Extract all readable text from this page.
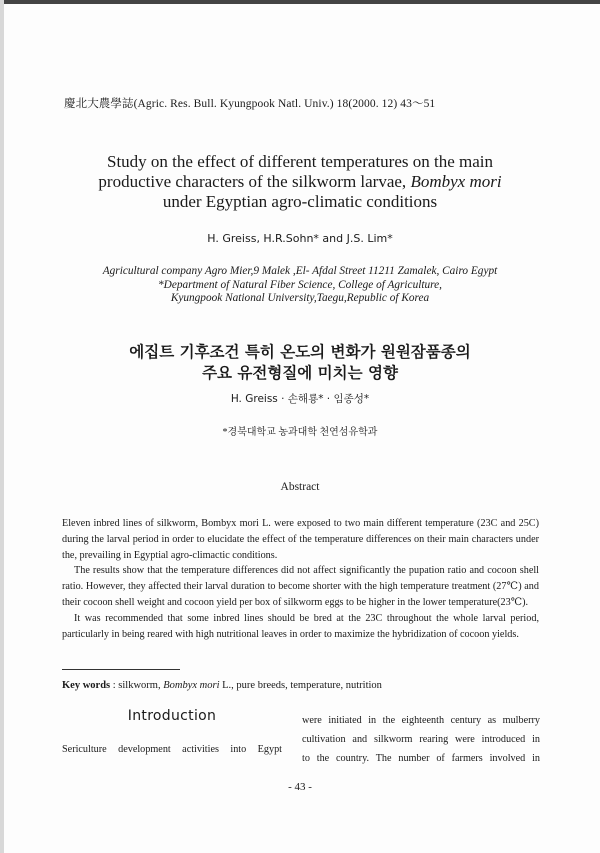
慶北大農學誌(Agric. Res. Bull. Kyungpook Natl. Univ.) 18(2000. 12) 43～51
Study on the effect of different temperatures on the main
productive characters of the silkworm larvae, Bombyx mori
under Egyptian agro-climatic conditions
H. Greiss, H.R.Sohn* and J.S. Lim*
Agricultural company Agro Mier,9 Malek ,El- Afdal Street 11211 Zamalek, Cairo Egypt
*Department of Natural Fiber Science, College of Agriculture,
Kyungpook National University,Taegu,Republic of Korea
에집트 기후조건 특히 온도의 변화가 원원잠품종의
주요 유전형질에 미치는 영향
H. Greiss · 손해룡* · 임종성*
*경북대학교 농과대학 천연섬유학과
Abstract

Eleven inbred lines of silkworm, Bombyx mori L. were exposed to two main different temperature (23C and 25C) during the larval period in order to elucidate the effect of the temperature differences on their main characters under the, prevailing in Egyptial agro-climactic conditions.

The results show that the temperature differences did not affect significantly the pupation ratio and cocoon shell ratio. However, they affected their larval duration to become shorter with the high temperature treatment (27℃) and their cocoon shell weight and cocoon yield per box of silkworm eggs to be higher in the lower temperature(23℃).

It was recommended that some inbred lines should be bred at the 23C throughout the whole larval period, particularly in being reared with high nutritional leaves in order to maximize the hybridization of cocoon yields.

Key words : silkworm, Bombyx mori L., pure breeds, temperature, nutrition
Introduction
Sericulture development activities into Egypt
were initiated in the eighteenth century as mulberry
cultivation and silkworm rearing were introduced in
to the country. The number of farmers involved in
- 43 -
